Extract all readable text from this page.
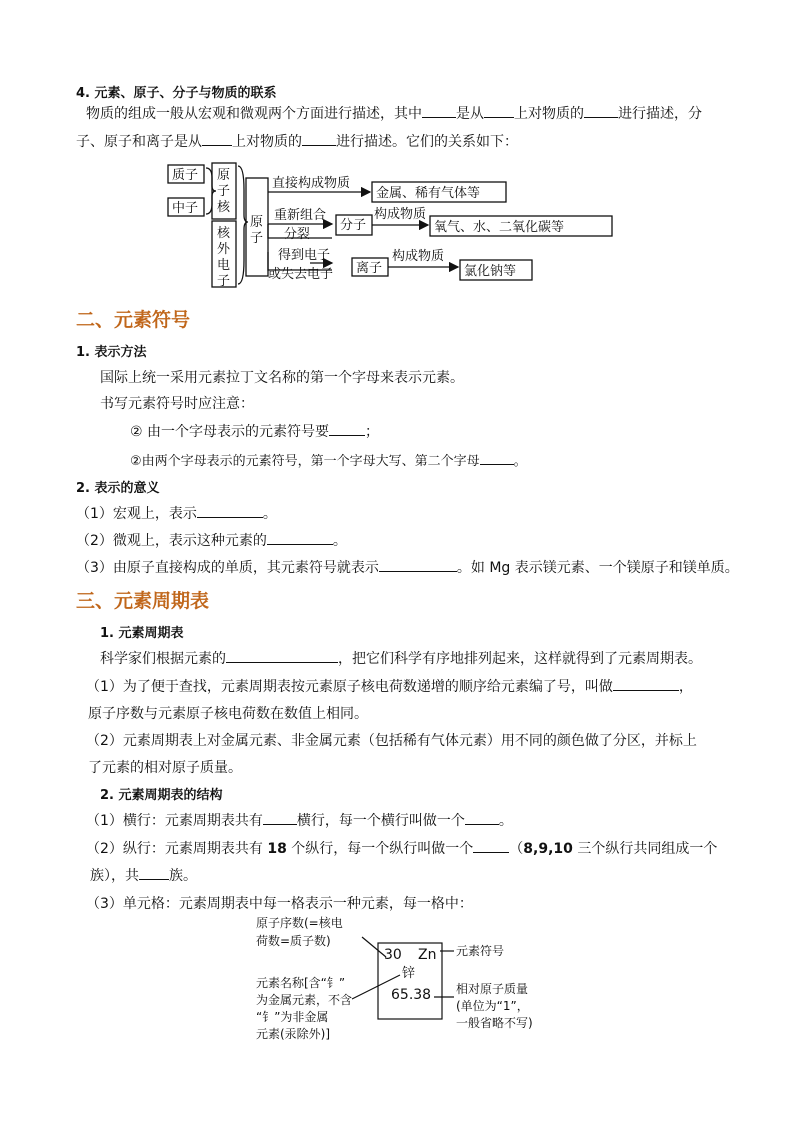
4. 元素、原子、分子与物质的联系
物质的组成一般从宏观和微观两个方面进行描述，其中 是从 上对物质的 进行描述，分
子、原子和离子是从 上对物质的 进行描述。它们的关系如下：
质子
中子
原
子
核
核
外
电
子
原
子
直接构成物质
金属、稀有气体等
重新组合
分裂
分子
构成物质
氧气、水、二氧化碳等
得到电子
或失去电子 离子
构成物质
氯化钠等
二、元素符号
1. 表示方法
国际上统一采用元素拉丁文名称的第一个字母来表示元素。
书写元素符号时应注意：
② 由一个字母表示的元素符号要	；
②由两个字母表示的元素符号，第一个字母大写、第二个字母	。
2. 表示的意义
（1）宏观上，表示	。
（2）微观上，表示这种元素的	。
（3）由原子直接构成的单质，其元素符号就表示	。如 Mg 表示镁元素、一个镁原子和镁单质。
三、元素周期表
1. 元素周期表
科学家们根据元素的	，把它们科学有序地排列起来，这样就得到了元素周期表。
（1）为了便于查找，元素周期表按元素原子核电荷数递增的顺序给元素编了号，叫做	，
原子序数与元素原子核电荷数在数值上相同。
（2）元素周期表上对金属元素、非金属元素（包括稀有气体元素）用不同的颜色做了分区，并标上
了元素的相对原子质量。
2. 元素周期表的结构
（1）横行：元素周期表共有 横行，每一个横行叫做一个 。
（2）纵行：元素周期表共有 18 个纵行，每一个纵行叫做一个	（8,9,10 三个纵行共同组成一个
族），共 族。
（3）单元格：元素周期表中每一格表示一种元素，每一格中：
原子序数(=核电
荷数=质子数)
30 Zn 元素符号
锌
65.38
元素名称[含“钅”
为金属元素，不含
“钅”为非金属
元素(汞除外)]
相对原子质量
(单位为“1”，
一般省略不写)
